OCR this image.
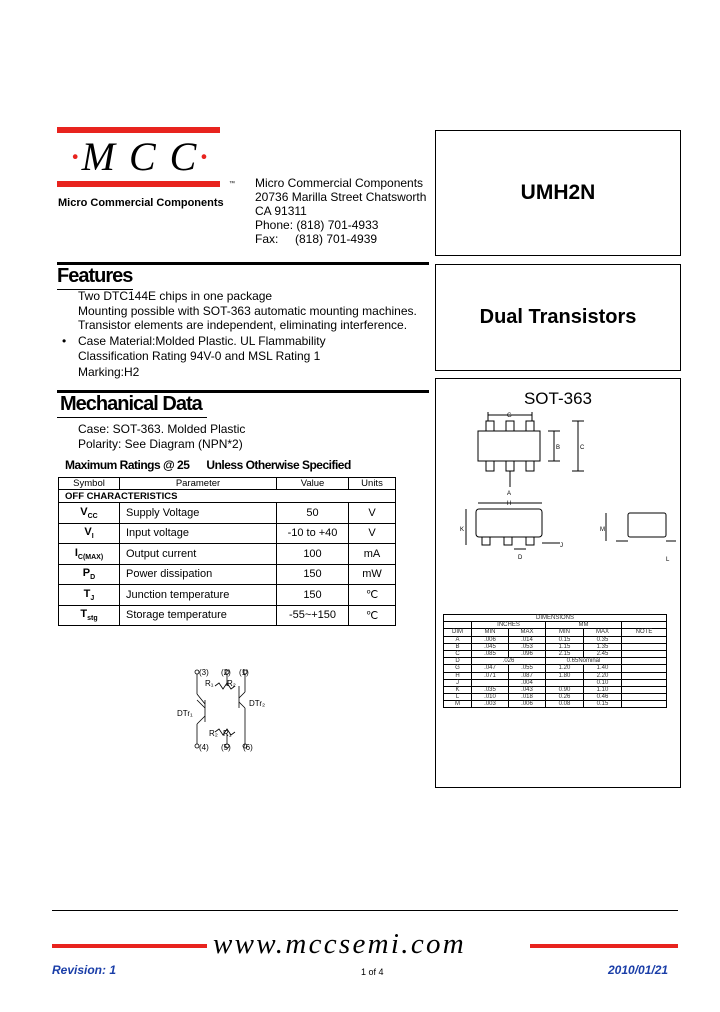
·M C C·
™
Micro Commercial Components
Micro Commercial Components
20736 Marilla Street Chatsworth
CA 91311
Phone: (818) 701-4933
Fax:     (818) 701-4939
UMH2N
Dual Transistors
SOT-363
G
B	C
A
H
K
D
J
M
L
DIMENSIONS					
	INCHES		MM		
DIM	MIN	MAX	MIN	MAX	NOTE
A	.006	.014	0.15	0.35	
B	.045	.053	1.15	1.35	
C	.085	.096	2.15	2.45	
D	.026		0.65Nominal		
G	.047	.055	1.20	1.40	
H	.071	.087	1.80	2.20	
J		.004		0.10	
K	.035	.043	0.90	1.10	
L	.010	.018	0.26	0.46	
M	.003	.006	0.08	0.15	
Features
Two DTC144E chips in one package
Mounting possible with SOT-363 automatic mounting machines.
Transistor elements are independent, eliminating interference.
• Case Material:Molded Plastic. UL Flammability
Classification Rating 94V-0 and MSL Rating 1
Marking:H2
Mechanical Data
Case: SOT-363. Molded Plastic
Polarity: See Diagram (NPN*2)
Maximum Ratings @ 25      Unless Otherwise Specified
Symbol	Parameter	Value	Units
OFF CHARACTERISTICS			
$V_{CC}$	Supply Voltage	50	V
$V_I$	Input voltage	-10 to +40	V
$I_{C(MAX)}$	Output current	100	mA
$P_D$	Power dissipation	150	mW
$T_J$	Junction temperature	150	℃
$T_{stg}$	Storage temperature	-55~+150	℃
(3) (2) (1)
(4) (5) (6)
R₁ R₂
DTr₂
DTr₁
R₂ R₁
www.mccsemi.com
Revision: 1	1 of 4	2010/01/21
